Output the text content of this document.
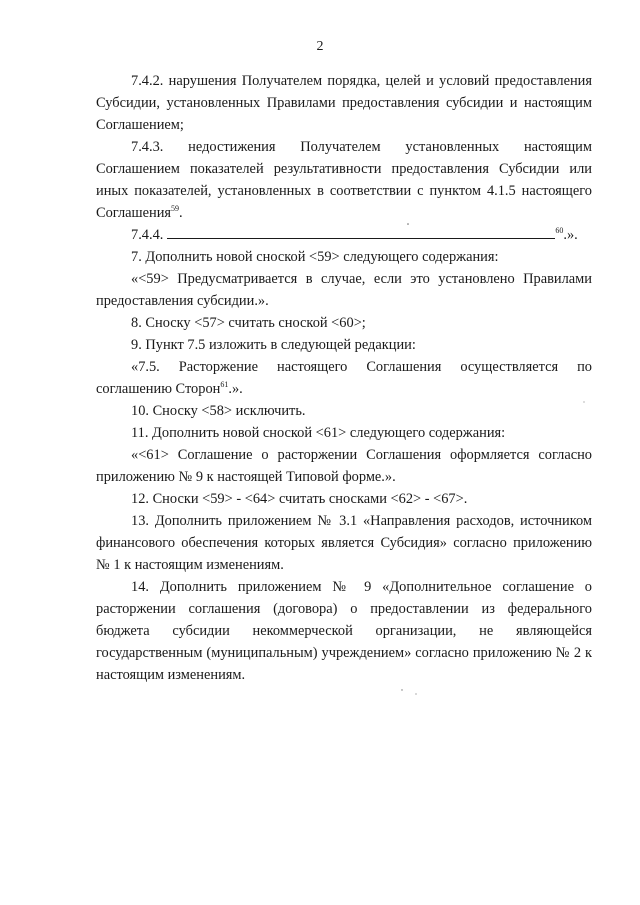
2

7.4.2. нарушения Получателем порядка, целей и условий предоставления Субсидии, установленных Правилами предоставления субсидии и настоящим Соглашением;

7.4.3. недостижения Получателем установленных настоящим Соглашением показателей результативности предоставления Субсидии или иных показателей, установленных в соответствии с пунктом 4.1.5 настоящего Соглашения$^{59}$.

7.4.4.	$^{60}$.».

7. Дополнить новой сноской <59> следующего содержания:

«<59> Предусматривается в случае, если это установлено Правилами предоставления субсидии.».

8. Сноску <57> считать сноской <60>;

9. Пункт 7.5 изложить в следующей редакции:

«7.5. Расторжение настоящего Соглашения осуществляется по соглашению Сторон$^{61}$.».

10. Сноску <58> исключить.

11. Дополнить новой сноской <61> следующего содержания:

«<61> Соглашение о расторжении Соглашения оформляется согласно приложению № 9 к настоящей Типовой форме.».

12. Сноски <59> - <64> считать сносками <62> - <67>.

13. Дополнить приложением № 3.1 «Направления расходов, источником финансового обеспечения которых является Субсидия» согласно приложению № 1 к настоящим изменениям.

14. Дополнить приложением № 9 «Дополнительное соглашение о расторжении соглашения (договора) о предоставлении из федерального бюджета субсидии некоммерческой организации, не являющейся государственным (муниципальным) учреждением» согласно приложению № 2 к настоящим изменениям.
